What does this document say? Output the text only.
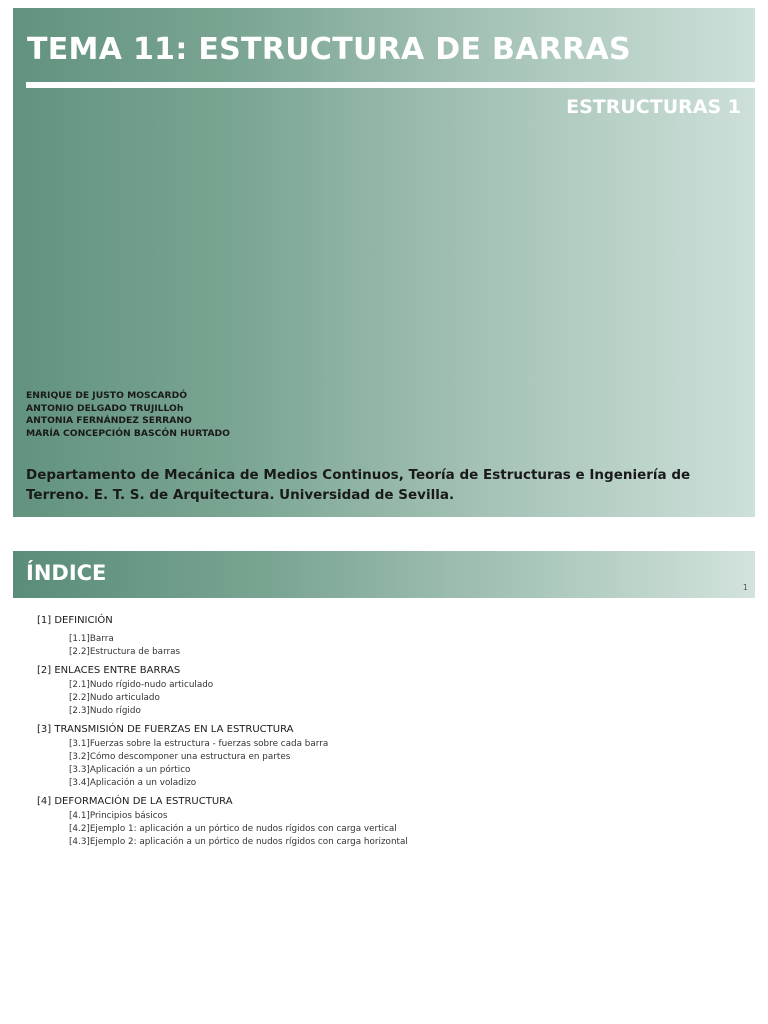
TEMA 11: ESTRUCTURA DE BARRAS
ESTRUCTURAS 1
ENRIQUE DE JUSTO MOSCARDÓ
ANTONIO DELGADO TRUJILLOh
ANTONIA FERNÁNDEZ SERRANO
MARÍA CONCEPCIÓN BASCÓN HURTADO

Departamento de Mecánica de Medios Continuos, Teoría de Estructuras e Ingeniería de Terreno. E. T. S. de Arquitectura. Universidad de Sevilla.

ÍNDICE
1
[1] DEFINICIÓN
[1.1]Barra
[2.2]Estructura de barras
[2] ENLACES ENTRE BARRAS
[2.1]Nudo rígido-nudo articulado
[2.2]Nudo articulado
[2.3]Nudo rígido
[3] TRANSMISIÓN DE FUERZAS EN LA ESTRUCTURA
[3.1]Fuerzas sobre la estructura - fuerzas sobre cada barra
[3.2]Cómo descomponer una estructura en partes
[3.3]Aplicación a un pórtico
[3.4]Aplicación a un voladizo
[4] DEFORMACIÓN DE LA ESTRUCTURA
[4.1]Principios básicos
[4.2]Ejemplo 1: aplicación a un pórtico de nudos rígidos con carga vertical
[4.3]Ejemplo 2: aplicación a un pórtico de nudos rígidos con carga horizontal
